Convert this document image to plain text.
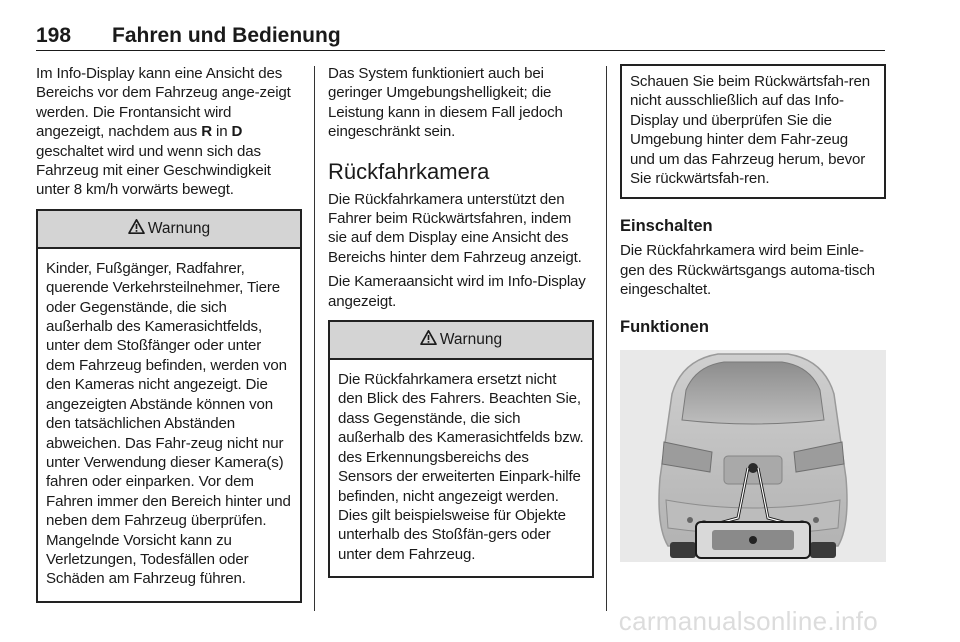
198 Fahren und Bedienung

Im Info-Display kann eine Ansicht des Bereichs vor dem Fahrzeug ange-zeigt werden. Die Frontansicht wird angezeigt, nachdem aus R in D geschaltet wird und wenn sich das Fahrzeug mit einer Geschwindigkeit unter 8 km/h vorwärts bewegt.

Warnung

Kinder, Fußgänger, Radfahrer, querende Verkehrsteilnehmer, Tiere oder Gegenstände, die sich außerhalb des Kamerasichtfelds, unter dem Stoßfänger oder unter dem Fahrzeug befinden, werden von den Kameras nicht angezeigt. Die angezeigten Abstände können von den tatsächlichen Abständen abweichen. Das Fahr-zeug nicht nur unter Verwendung dieser Kamera(s) fahren oder einparken. Vor dem Fahren immer den Bereich hinter und neben dem Fahrzeug überprüfen. Mangelnde Vorsicht kann zu Verletzungen, Todesfällen oder Schäden am Fahrzeug führen.

Das System funktioniert auch bei geringer Umgebungshelligkeit; die Leistung kann in diesem Fall jedoch eingeschränkt sein.

Rückfahrkamera

Die Rückfahrkamera unterstützt den Fahrer beim Rückwärtsfahren, indem sie auf dem Display eine Ansicht des Bereichs hinter dem Fahrzeug anzeigt.

Die Kameraansicht wird im Info-Display angezeigt.

Warnung

Die Rückfahrkamera ersetzt nicht den Blick des Fahrers. Beachten Sie, dass Gegenstände, die sich außerhalb des Kamerasichtfelds bzw. des Erkennungsbereichs des Sensors der erweiterten Einpark-hilfe befinden, nicht angezeigt werden. Dies gilt beispielsweise für Objekte unterhalb des Stoßfän-gers oder unter dem Fahrzeug.

Schauen Sie beim Rückwärtsfah-ren nicht ausschließlich auf das Info-Display und überprüfen Sie die Umgebung hinter dem Fahr-zeug und um das Fahrzeug herum, bevor Sie rückwärtsfah-ren.

Einschalten

Die Rückfahrkamera wird beim Einle-gen des Rückwärtsgangs automa-tisch eingeschaltet.

Funktionen
carmanualsonline.info
